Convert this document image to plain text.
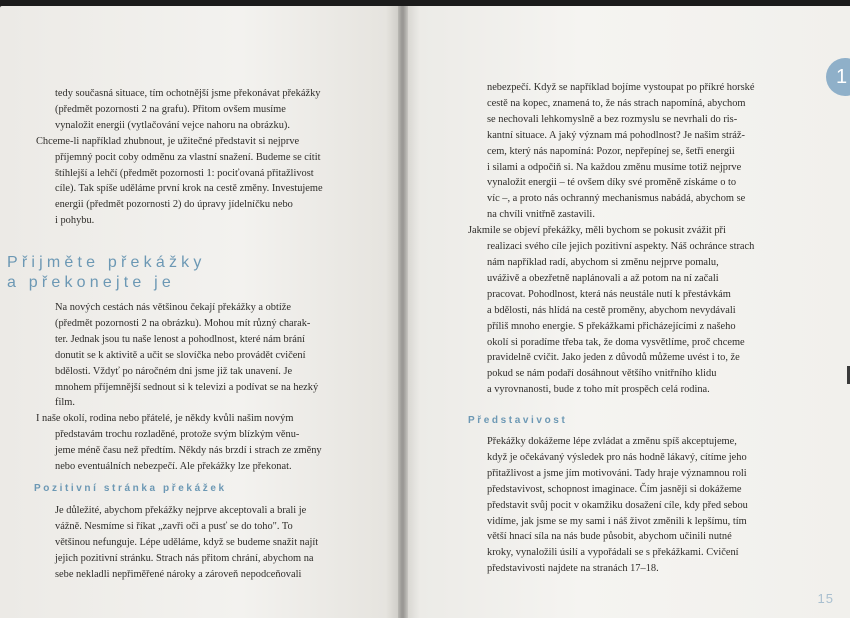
tedy současná situace, tím ochotnější jsme překonávat překážky
(předmět pozornosti 2 na grafu). Přitom ovšem musíme
vynaložit energii (vytlačování vejce nahoru na obrázku).
Chceme-li například zhubnout, je užitečné představit si nejprve
příjemný pocit coby odměnu za vlastní snažení. Budeme se cítit
štíhlejší a lehčí (předmět pozornosti 1: pociťovaná přitažlivost
cíle). Tak spíše uděláme první krok na cestě změny. Investujeme
energii (předmět pozornosti 2) do úpravy jídelníčku nebo
i pohybu.

Přijměte překážky

a překonejte je

Na nových cestách nás většinou čekají překážky a obtíže
(předmět pozornosti 2 na obrázku). Mohou mít různý charak-
ter. Jednak jsou tu naše lenost a pohodlnost, které nám brání
donutit se k aktivitě a učit se slovíčka nebo provádět cvičení
bdělosti. Vždyť po náročném dni jsme již tak unavení. Je
mnohem příjemnější sednout si k televizi a podívat se na hezký
film.
I naše okolí, rodina nebo přátelé, je někdy kvůli našim novým
představám trochu rozladěné, protože svým blízkým věnu-
jeme méně času než předtím. Někdy nás brzdí i strach ze změny
nebo eventuálních nebezpečí. Ale překážky lze překonat.

Pozitivní stránka překážek

Je důležité, abychom překážky nejprve akceptovali a brali je
vážně. Nesmíme si říkat „zavři oči a pusť se do toho". To
většinou nefunguje. Lépe uděláme, když se budeme snažit najít
jejich pozitivní stránku. Strach nás přitom chrání, abychom na
sebe nekladli nepřiměřené nároky a zároveň nepodceňovali
1
nebezpečí. Když se například bojíme vystoupat po příkré horské
cestě na kopec, znamená to, že nás strach napomíná, abychom
se nechovali lehkomyslně a bez rozmyslu se nevrhali do ris-
kantní situace. A jaký význam má pohodlnost? Je našim stráž-
cem, který nás napomíná: Pozor, nepřepínej se, šetři energii
i silami a odpočiň si. Na každou změnu musíme totiž nejprve
vynaložit energii – té ovšem díky své proměně získáme o to
víc –, a proto nás ochranný mechanismus nabádá, abychom se
na chvíli vnitřně zastavili.
Jakmile se objeví překážky, měli bychom se pokusit zvážit při
realizaci svého cíle jejich pozitivní aspekty. Náš ochránce strach
nám například radí, abychom si změnu nejprve pomalu,
uváživě a obezřetně naplánovali a až potom na ní začali
pracovat. Pohodlnost, která nás neustále nutí k přestávkám
a bdělosti, nás hlídá na cestě proměny, abychom nevydávali
příliš mnoho energie. S překážkami přicházejícími z našeho
okolí si poradíme třeba tak, že doma vysvětlíme, proč chceme
pravidelně cvičit. Jako jeden z důvodů můžeme uvést i to, že
pokud se nám podaří dosáhnout většího vnitřního klidu
a vyrovnanosti, bude z toho mít prospěch celá rodina.

Představivost

Překážky dokážeme lépe zvládat a změnu spíš akceptujeme,
když je očekávaný výsledek pro nás hodně lákavý, cítíme jeho
přitažlivost a jsme jím motivováni. Tady hraje významnou roli
představivost, schopnost imaginace. Čím jasněji si dokážeme
představit svůj pocit v okamžiku dosažení cíle, kdy před sebou
vidíme, jak jsme se my sami i náš život změnili k lepšímu, tím
větší hnací síla na nás bude působit, abychom učinili nutné
kroky, vynaložili úsilí a vypořádali se s překážkami. Cvičení
představivosti najdete na stranách 17–18.
15
